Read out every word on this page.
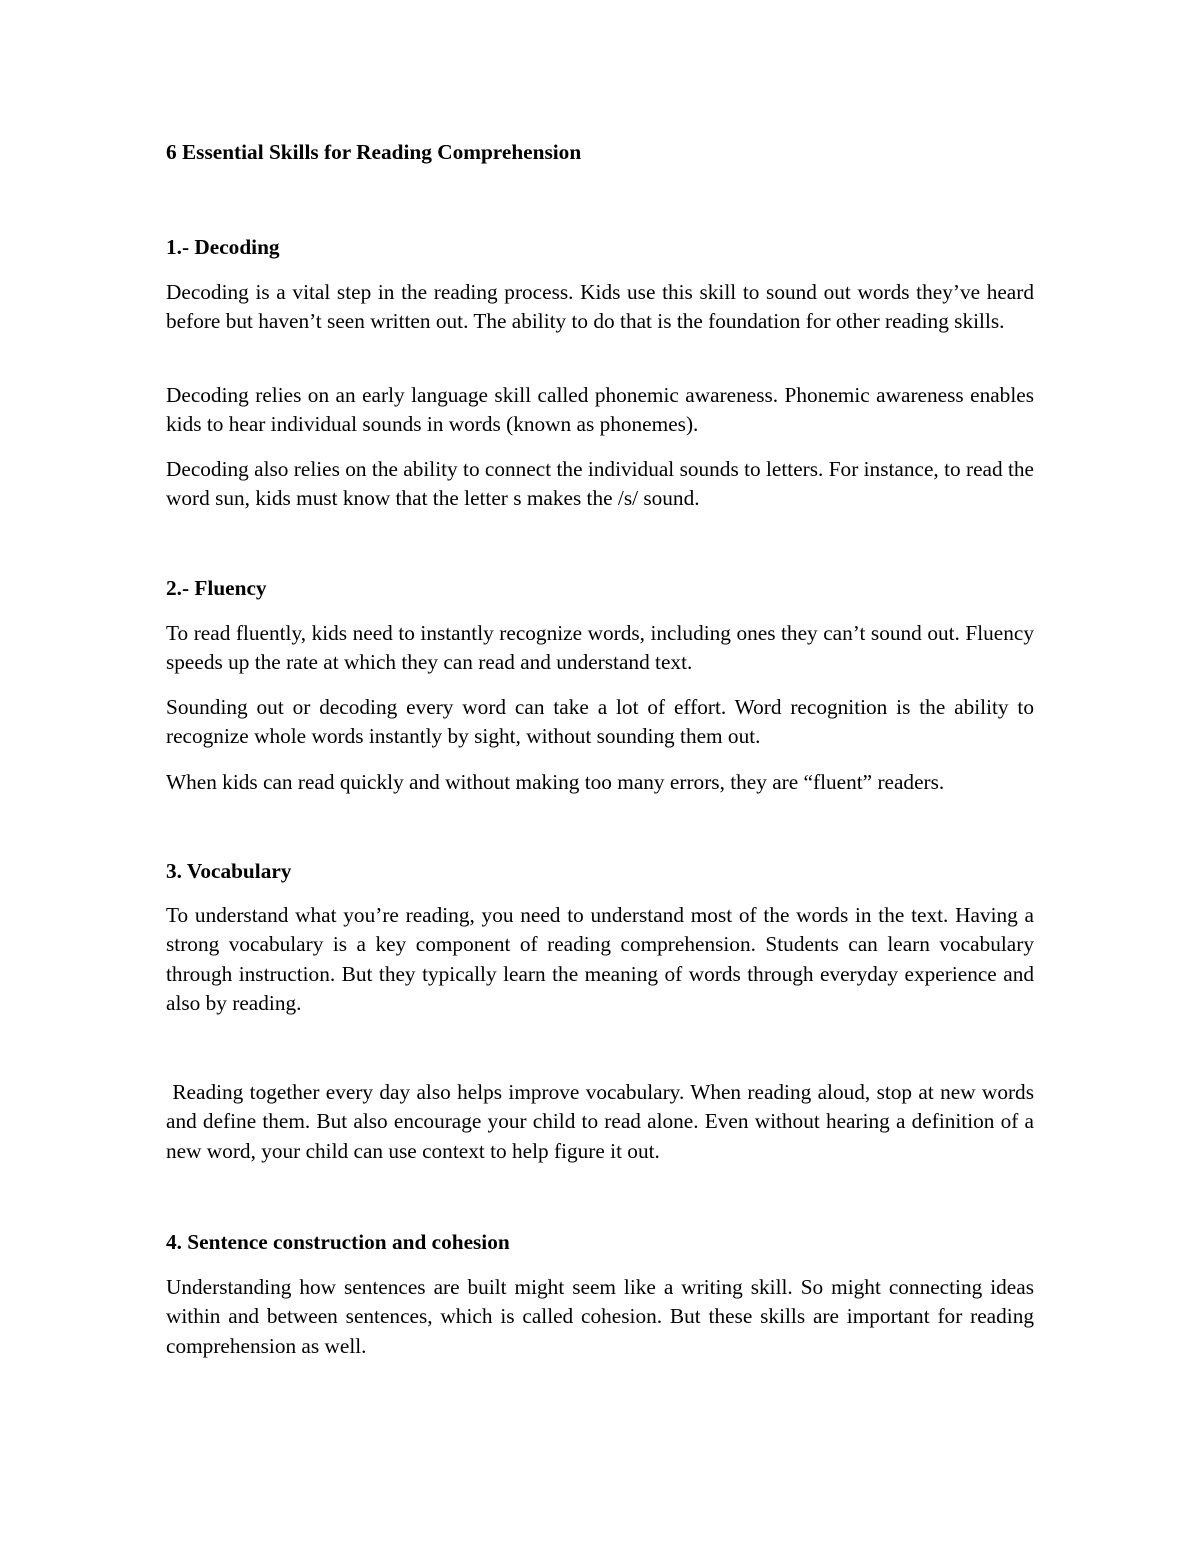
6 Essential Skills for Reading Comprehension
1.- Decoding

Decoding is a vital step in the reading process. Kids use this skill to sound out words they’ve heard before but haven’t seen written out. The ability to do that is the foundation for other reading skills.

Decoding relies on an early language skill called phonemic awareness. Phonemic awareness enables kids to hear individual sounds in words (known as phonemes).

Decoding also relies on the ability to connect the individual sounds to letters. For instance, to read the word sun, kids must know that the letter s makes the /s/ sound.

2.- Fluency

To read fluently, kids need to instantly recognize words, including ones they can’t sound out. Fluency speeds up the rate at which they can read and understand text.

Sounding out or decoding every word can take a lot of effort. Word recognition is the ability to recognize whole words instantly by sight, without sounding them out.

When kids can read quickly and without making too many errors, they are “fluent” readers.

3. Vocabulary

To understand what you’re reading, you need to understand most of the words in the text. Having a strong vocabulary is a key component of reading comprehension. Students can learn vocabulary through instruction. But they typically learn the meaning of words through everyday experience and also by reading.

Reading together every day also helps improve vocabulary. When reading aloud, stop at new words and define them. But also encourage your child to read alone. Even without hearing a definition of a new word, your child can use context to help figure it out.

4. Sentence construction and cohesion

Understanding how sentences are built might seem like a writing skill. So might connecting ideas within and between sentences, which is called cohesion. But these skills are important for reading comprehension as well.
